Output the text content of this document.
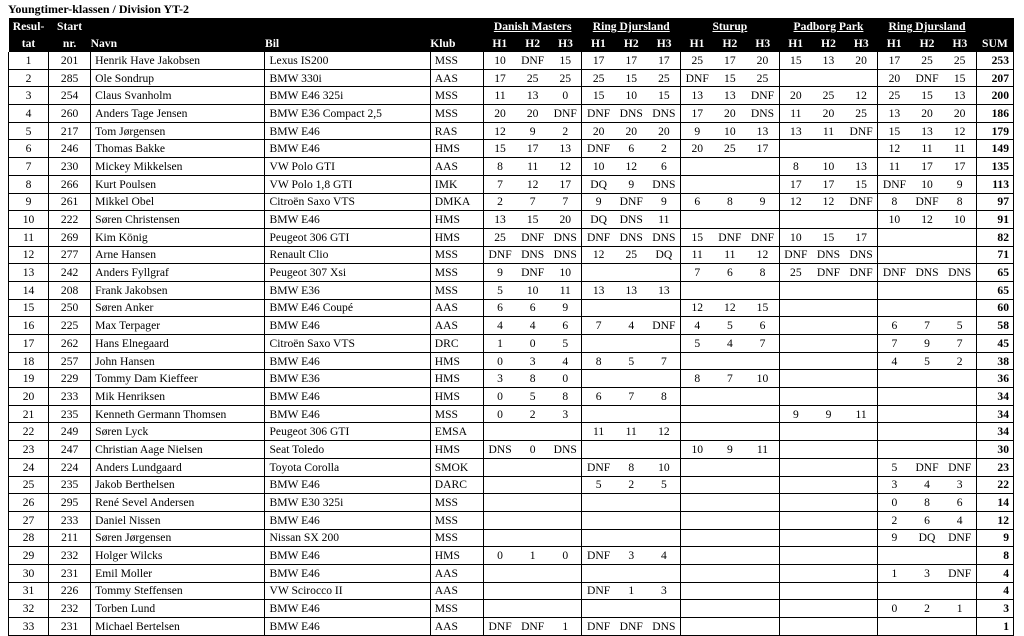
Youngtimer-klassen / Division YT-2
Resul-	Start				Danish Masters			Ring Djursland			Sturup			Padborg Park			Ring Djursland			
tat	nr.	Navn	Bil	Klub	H1	H2	H3	H1	H2	H3	H1	H2	H3	H1	H2	H3	H1	H2	H3	SUM
1	201	Henrik Have Jakobsen	Lexus IS200	MSS	10	DNF	15	17	17	17	25	17	20	15	13	20	17	25	25	253
2	285	Ole Sondrup	BMW 330i	AAS	17	25	25	25	15	25	DNF	15	25				20	DNF	15	207
3	254	Claus Svanholm	BMW E46 325i	MSS	11	13	0	15	10	15	13	13	DNF	20	25	12	25	15	13	200
4	260	Anders Tage Jensen	BMW E36 Compact 2,5	MSS	20	20	DNF	DNF	DNS	DNS	17	20	DNS	11	20	25	13	20	20	186
5	217	Tom Jørgensen	BMW E46	RAS	12	9	2	20	20	20	9	10	13	13	11	DNF	15	13	12	179
6	246	Thomas Bakke	BMW E46	HMS	15	17	13	DNF	6	2	20	25	17				12	11	11	149
7	230	Mickey Mikkelsen	VW Polo GTI	AAS	8	11	12	10	12	6				8	10	13	11	17	17	135
8	266	Kurt Poulsen	VW Polo 1,8 GTI	IMK	7	12	17	DQ	9	DNS				17	17	15	DNF	10	9	113
9	261	Mikkel Obel	Citroën Saxo VTS	DMKA	2	7	7	9	DNF	9	6	8	9	12	12	DNF	8	DNF	8	97
10	222	Søren Christensen	BMW E46	HMS	13	15	20	DQ	DNS	11							10	12	10	91
11	269	Kim König	Peugeot 306 GTI	HMS	25	DNF	DNS	DNF	DNS	DNS	15	DNF	DNF	10	15	17				82
12	277	Arne Hansen	Renault Clio	MSS	DNF	DNS	DNS	12	25	DQ	11	11	12	DNF	DNS	DNS				71
13	242	Anders Fyllgraf	Peugeot 307 Xsi	MSS	9	DNF	10				7	6	8	25	DNF	DNF	DNF	DNS	DNS	65
14	208	Frank Jakobsen	BMW E36	MSS	5	10	11	13	13	13										65
15	250	Søren Anker	BMW E46 Coupé	AAS	6	6	9				12	12	15							60
16	225	Max Terpager	BMW E46	AAS	4	4	6	7	4	DNF	4	5	6				6	7	5	58
17	262	Hans Elnegaard	Citroën Saxo VTS	DRC	1	0	5				5	4	7				7	9	7	45
18	257	John Hansen	BMW E46	HMS	0	3	4	8	5	7							4	5	2	38
19	229	Tommy Dam Kieffeer	BMW E36	HMS	3	8	0				8	7	10							36
20	233	Mik Henriksen	BMW E46	HMS	0	5	8	6	7	8										34
21	235	Kenneth Germann Thomsen	BMW E46	MSS	0	2	3							9	9	11				34
22	249	Søren Lyck	Peugeot 306 GTI	EMSA				11	11	12										34
23	247	Christian Aage Nielsen	Seat Toledo	HMS	DNS	0	DNS				10	9	11							30
24	224	Anders Lundgaard	Toyota Corolla	SMOK				DNF	8	10							5	DNF	DNF	23
25	235	Jakob Berthelsen	BMW E46	DARC				5	2	5							3	4	3	22
26	295	René Sevel Andersen	BMW E30 325i	MSS													0	8	6	14
27	233	Daniel Nissen	BMW E46	MSS													2	6	4	12
28	211	Søren Jørgensen	Nissan SX 200	MSS													9	DQ	DNF	9
29	232	Holger Wilcks	BMW E46	HMS	0	1	0	DNF	3	4										8
30	231	Emil Moller	BMW E46	AAS													1	3	DNF	4
31	226	Tommy Steffensen	VW Scirocco II	AAS				DNF	1	3										4
32	232	Torben Lund	BMW E46	MSS													0	2	1	3
33	231	Michael Bertelsen	BMW E46	AAS	DNF	DNF	1	DNF	DNF	DNS										1
